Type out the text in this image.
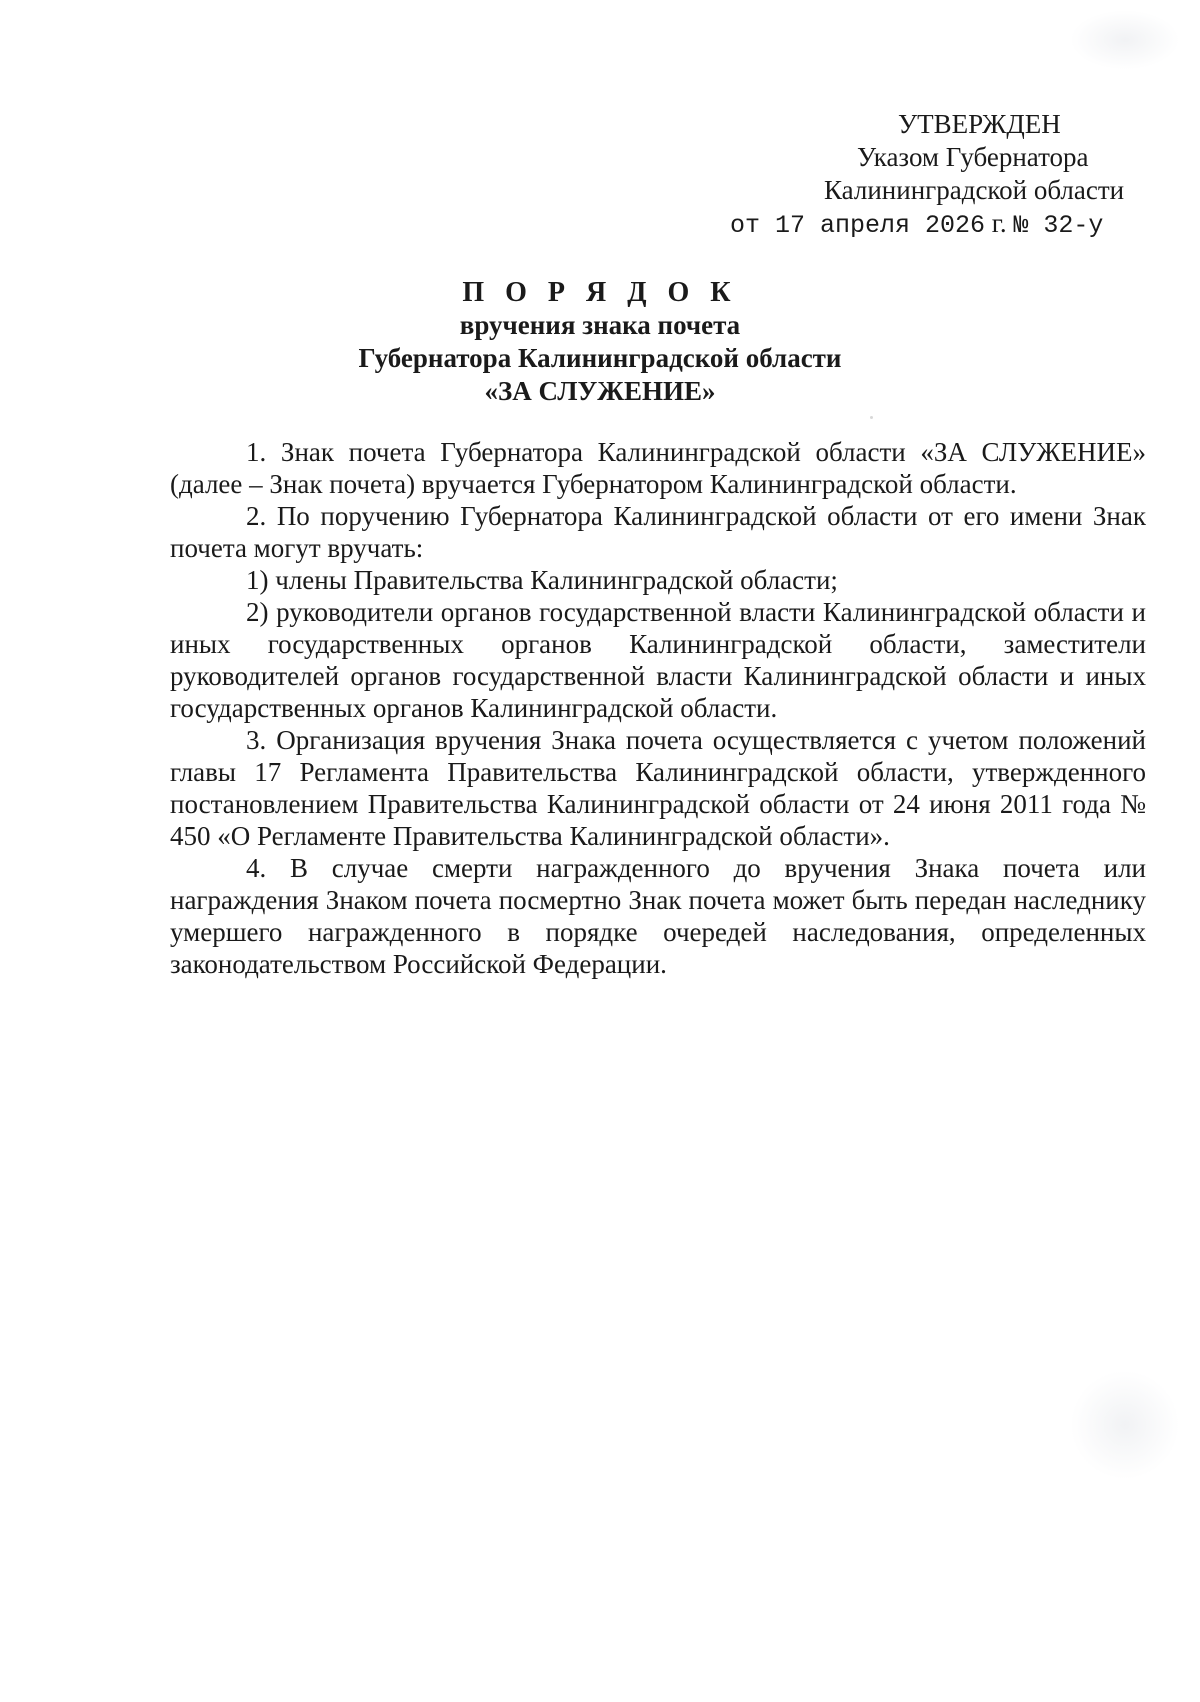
УТВЕРЖДЕН
Указом Губернатора
Калининградской области
от 17 апреля 2026 г. № 32-у
П О Р Я Д О К
вручения знака почета
Губернатора Калининградской области
«ЗА СЛУЖЕНИЕ»

1. Знак почета Губернатора Калининградской области «ЗА СЛУЖЕНИЕ» (далее – Знак почета) вручается Губернатором Калининградской области.

2. По поручению Губернатора Калининградской области от его имени Знак почета могут вручать:

1) члены Правительства Калининградской области;

2) руководители органов государственной власти Калининградской области и иных государственных органов Калининградской области, заместители руководителей органов государственной власти Калининградской области и иных государственных органов Калининградской области.

3. Организация вручения Знака почета осуществляется с учетом положений главы 17 Регламента Правительства Калининградской области, утвержденного постановлением Правительства Калининградской области от 24 июня 2011 года № 450 «О Регламенте Правительства Калининградской области».

4. В случае смерти награжденного до вручения Знака почета или награждения Знаком почета посмертно Знак почета может быть передан наследнику умершего награжденного в порядке очередей наследования, определенных законодательством Российской Федерации.
